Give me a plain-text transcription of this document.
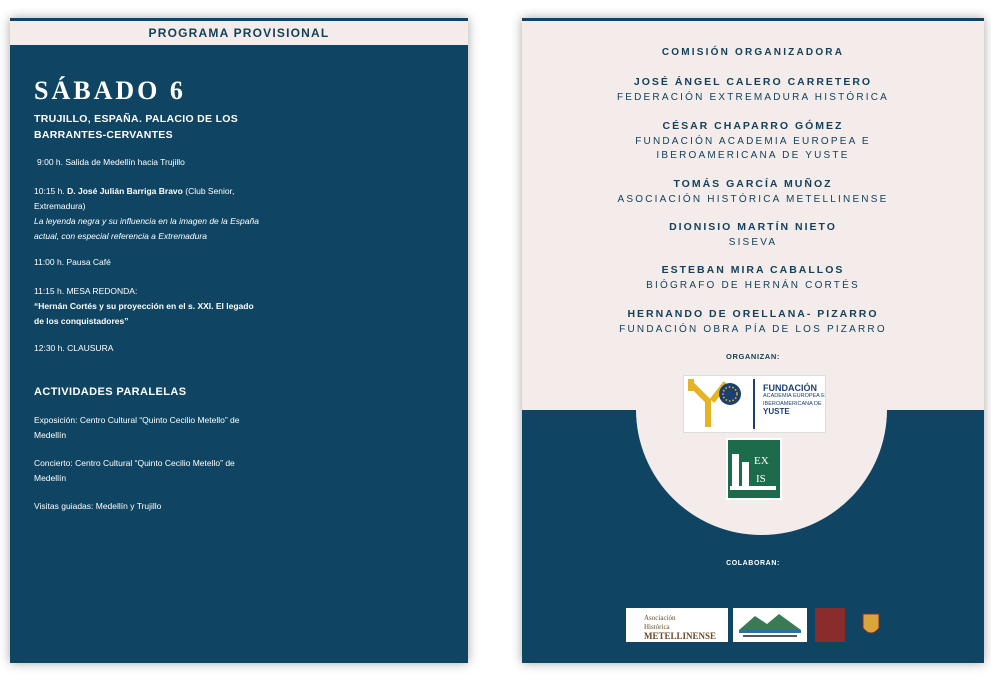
PROGRAMA PROVISIONAL
SÁBADO 6
TRUJILLO, ESPAÑA. PALACIO DE LOS BARRANTES-CERVANTES
9:00 h. Salida de Medellín hacia Trujillo
10:15 h. D. José Julián Barriga Bravo (Club Senior, Extremadura)
La leyenda negra y su influencia en la imagen de la España actual, con especial referencia a Extremadura
11:00 h. Pausa Café
11:15 h. MESA REDONDA:
“Hernán Cortés y su proyección en el s. XXI. El legado de los conquistadores”
12:30 h. CLAUSURA
ACTIVIDADES PARALELAS
Exposición: Centro Cultural “Quinto Cecilio Metello” de Medellín
Concierto: Centro Cultural “Quinto Cecilio Metello” de Medellín
Visitas guiadas: Medellín y Trujillo
COMISIÓN ORGANIZADORA
JOSÉ ÁNGEL CALERO CARRETERO
FEDERACIÓN EXTREMADURA HISTÓRICA
CÉSAR CHAPARRO GÓMEZ
FUNDACIÓN ACADEMIA EUROPEA E IBEROAMERICANA DE YUSTE
TOMÁS GARCÍA MUÑOZ
ASOCIACIÓN HISTÓRICA METELLINENSE
DIONISIO MARTÍN NIETO
SISEVA
ESTEBAN MIRA CABALLOS
BIÓGRAFO DE HERNÁN CORTÉS
HERNANDO DE ORELLANA- PIZARRO
FUNDACIÓN OBRA PÍA DE LOS PIZARRO
ORGANIZAN:
FUNDACIÓN
ACADEMIA EUROPEA E
IBEROAMERICANA DE
YUSTE
EX
IS
COLABORAN:
Asociación
Histórica
METELLINENSE
